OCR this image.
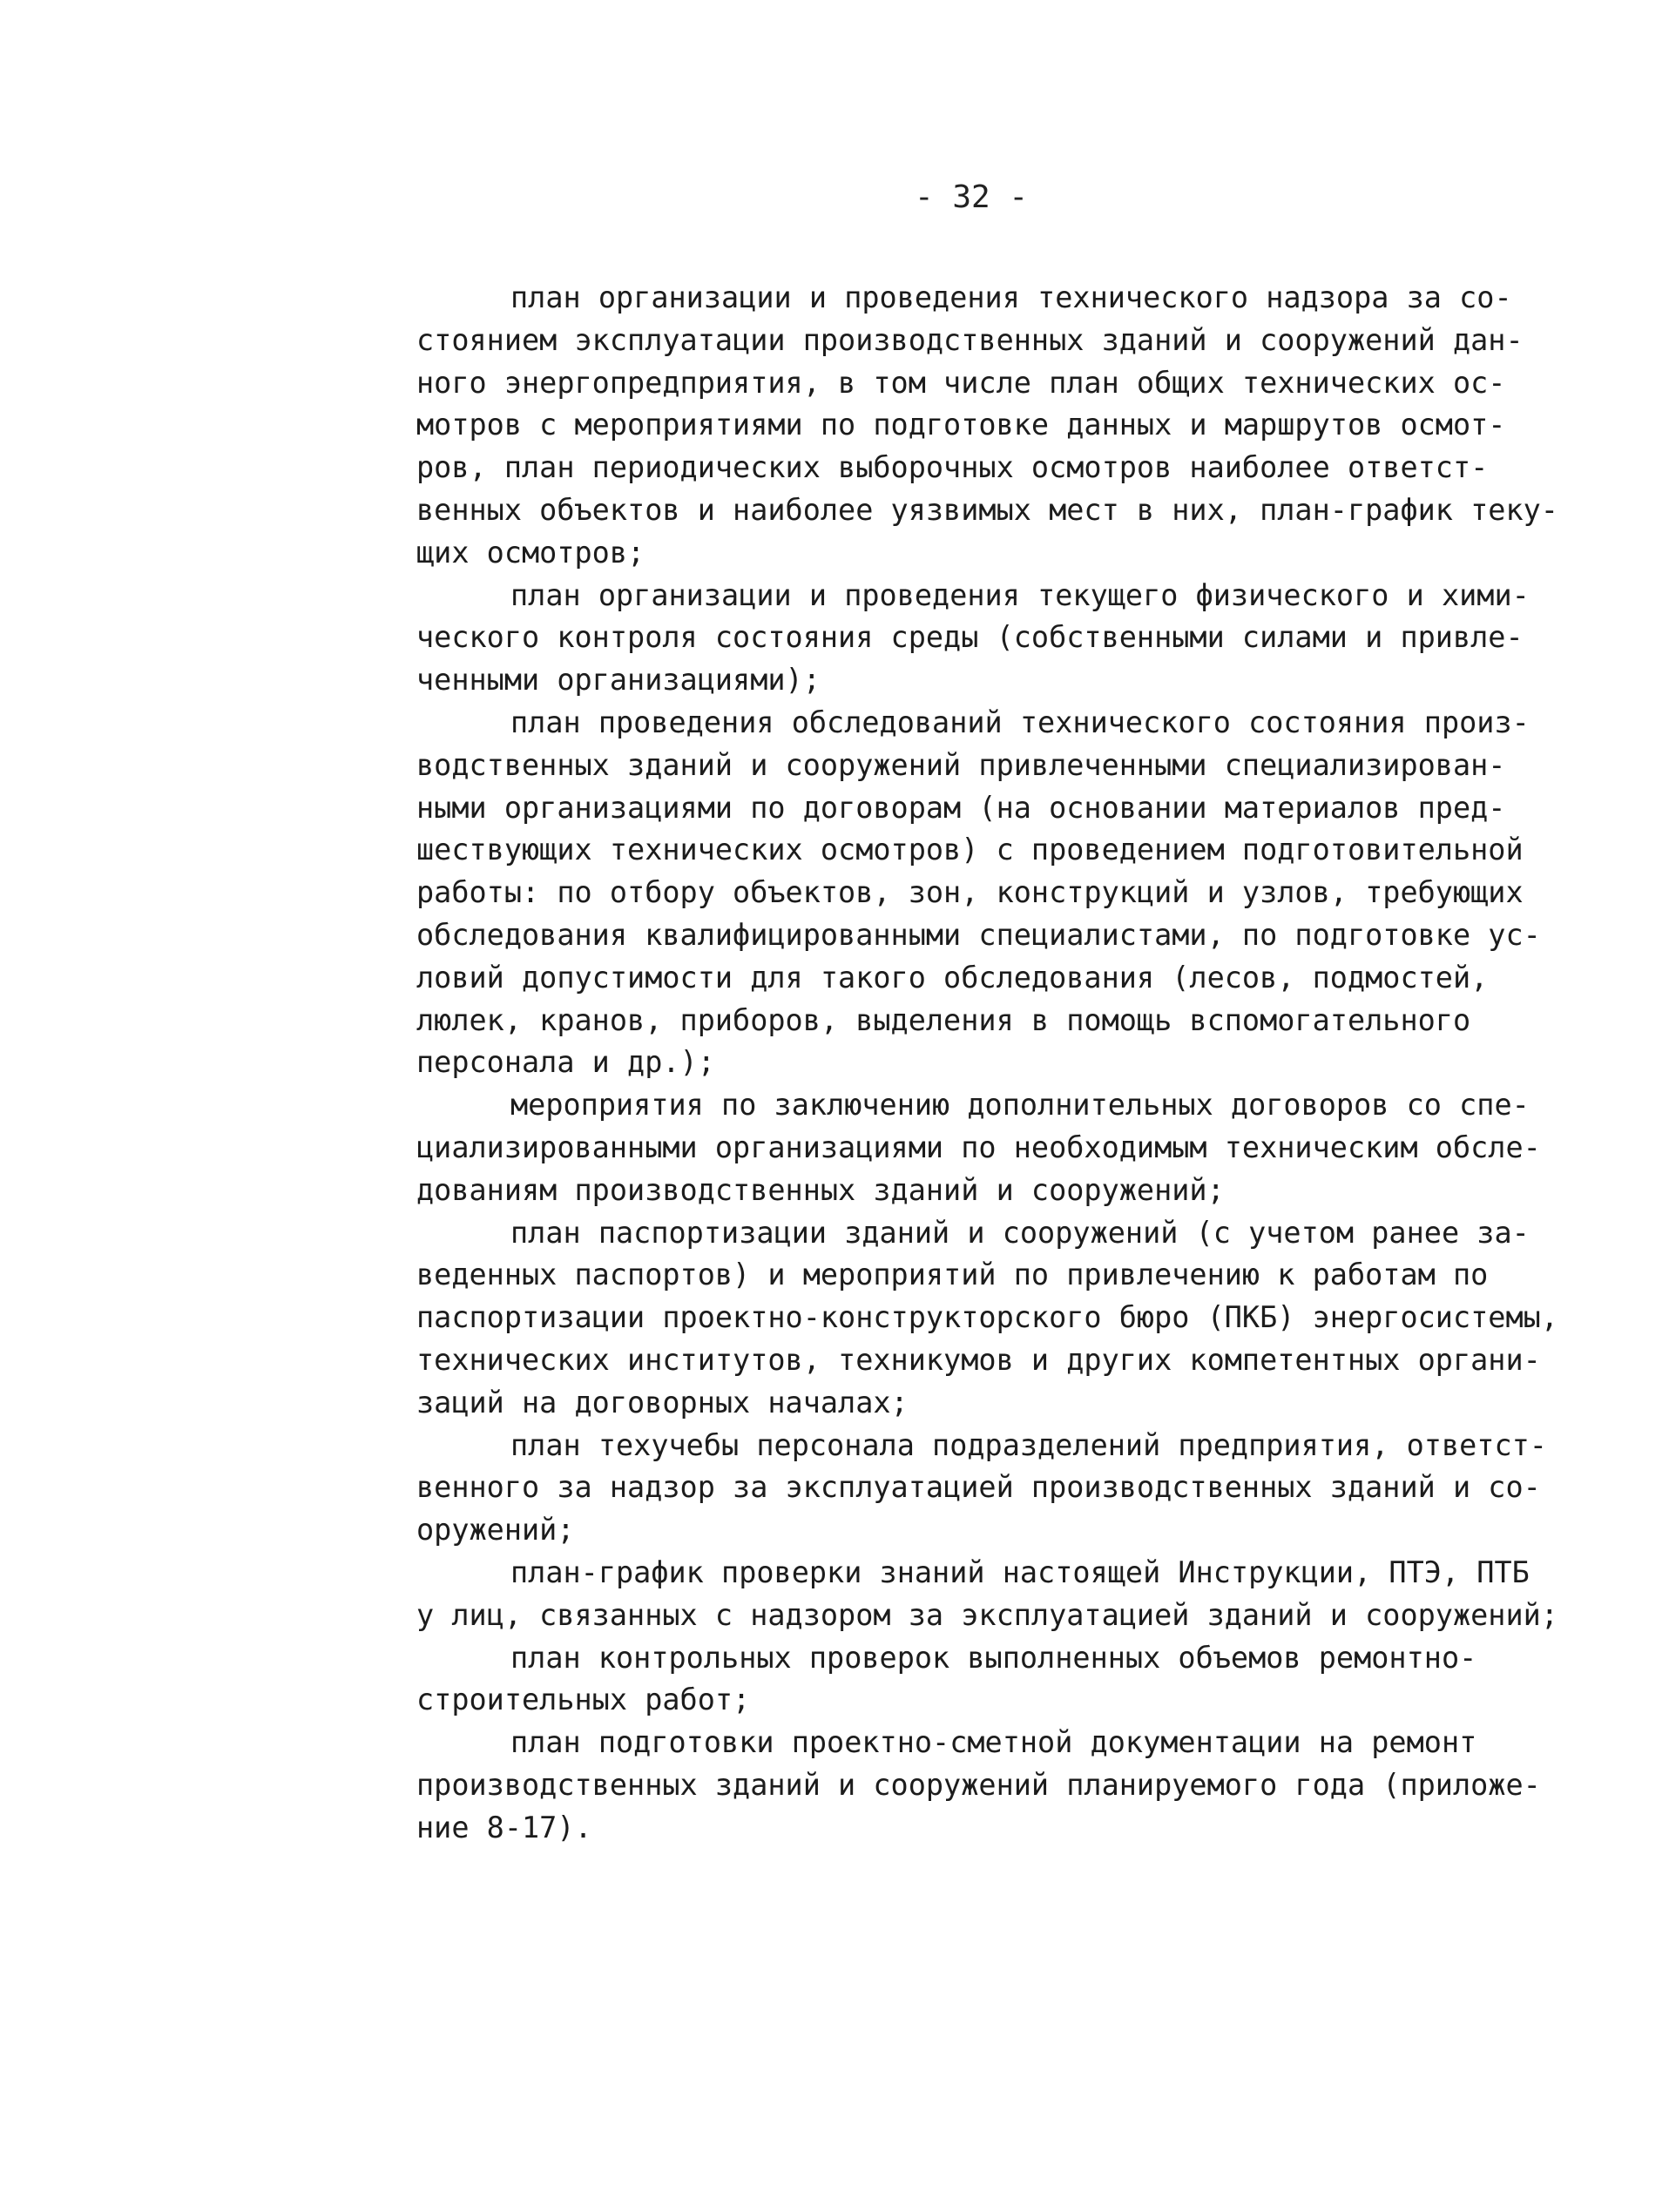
- 32 -
план организации и проведения технического надзора за со-
стоянием эксплуатации производственных зданий и сооружений дан-
ного энергопредприятия, в том числе план общих технических ос-
мотров с мероприятиями по подготовке данных и маршрутов осмот-
ров, план периодических выборочных осмотров наиболее ответст-
венных объектов и наиболее уязвимых мест в них, план-график теку-
щих осмотров;
план организации и проведения текущего физического и хими-
ческого контроля состояния среды (собственными силами и привле-
ченными организациями);
план проведения обследований технического состояния произ-
водственных зданий и сооружений привлеченными специализирован-
ными организациями по договорам (на основании материалов пред-
шествующих технических осмотров) с проведением подготовительной
работы: по отбору объектов, зон, конструкций и узлов, требующих
обследования квалифицированными специалистами, по подготовке ус-
ловий допустимости для такого обследования (лесов, подмостей,
люлек, кранов, приборов, выделения в помощь вспомогательного
персонала и др.);
мероприятия по заключению дополнительных договоров со спе-
циализированными организациями по необходимым техническим обсле-
дованиям производственных зданий и сооружений;
план паспортизации зданий и сооружений (с учетом ранее за-
веденных паспортов) и мероприятий по привлечению к работам по
паспортизации проектно-конструкторского бюро (ПКБ) энергосистемы,
технических институтов, техникумов и других компетентных органи-
заций на договорных началах;
план техучебы персонала подразделений предприятия, ответст-
венного за надзор за эксплуатацией производственных зданий и со-
оружений;
план-график проверки знаний настоящей Инструкции, ПТЭ, ПТБ
у лиц, связанных с надзором за эксплуатацией зданий и сооружений;
план контрольных проверок выполненных объемов ремонтно-
строительных работ;
план подготовки проектно-сметной документации на ремонт
производственных зданий и сооружений планируемого года (приложе-
ние 8-17).
